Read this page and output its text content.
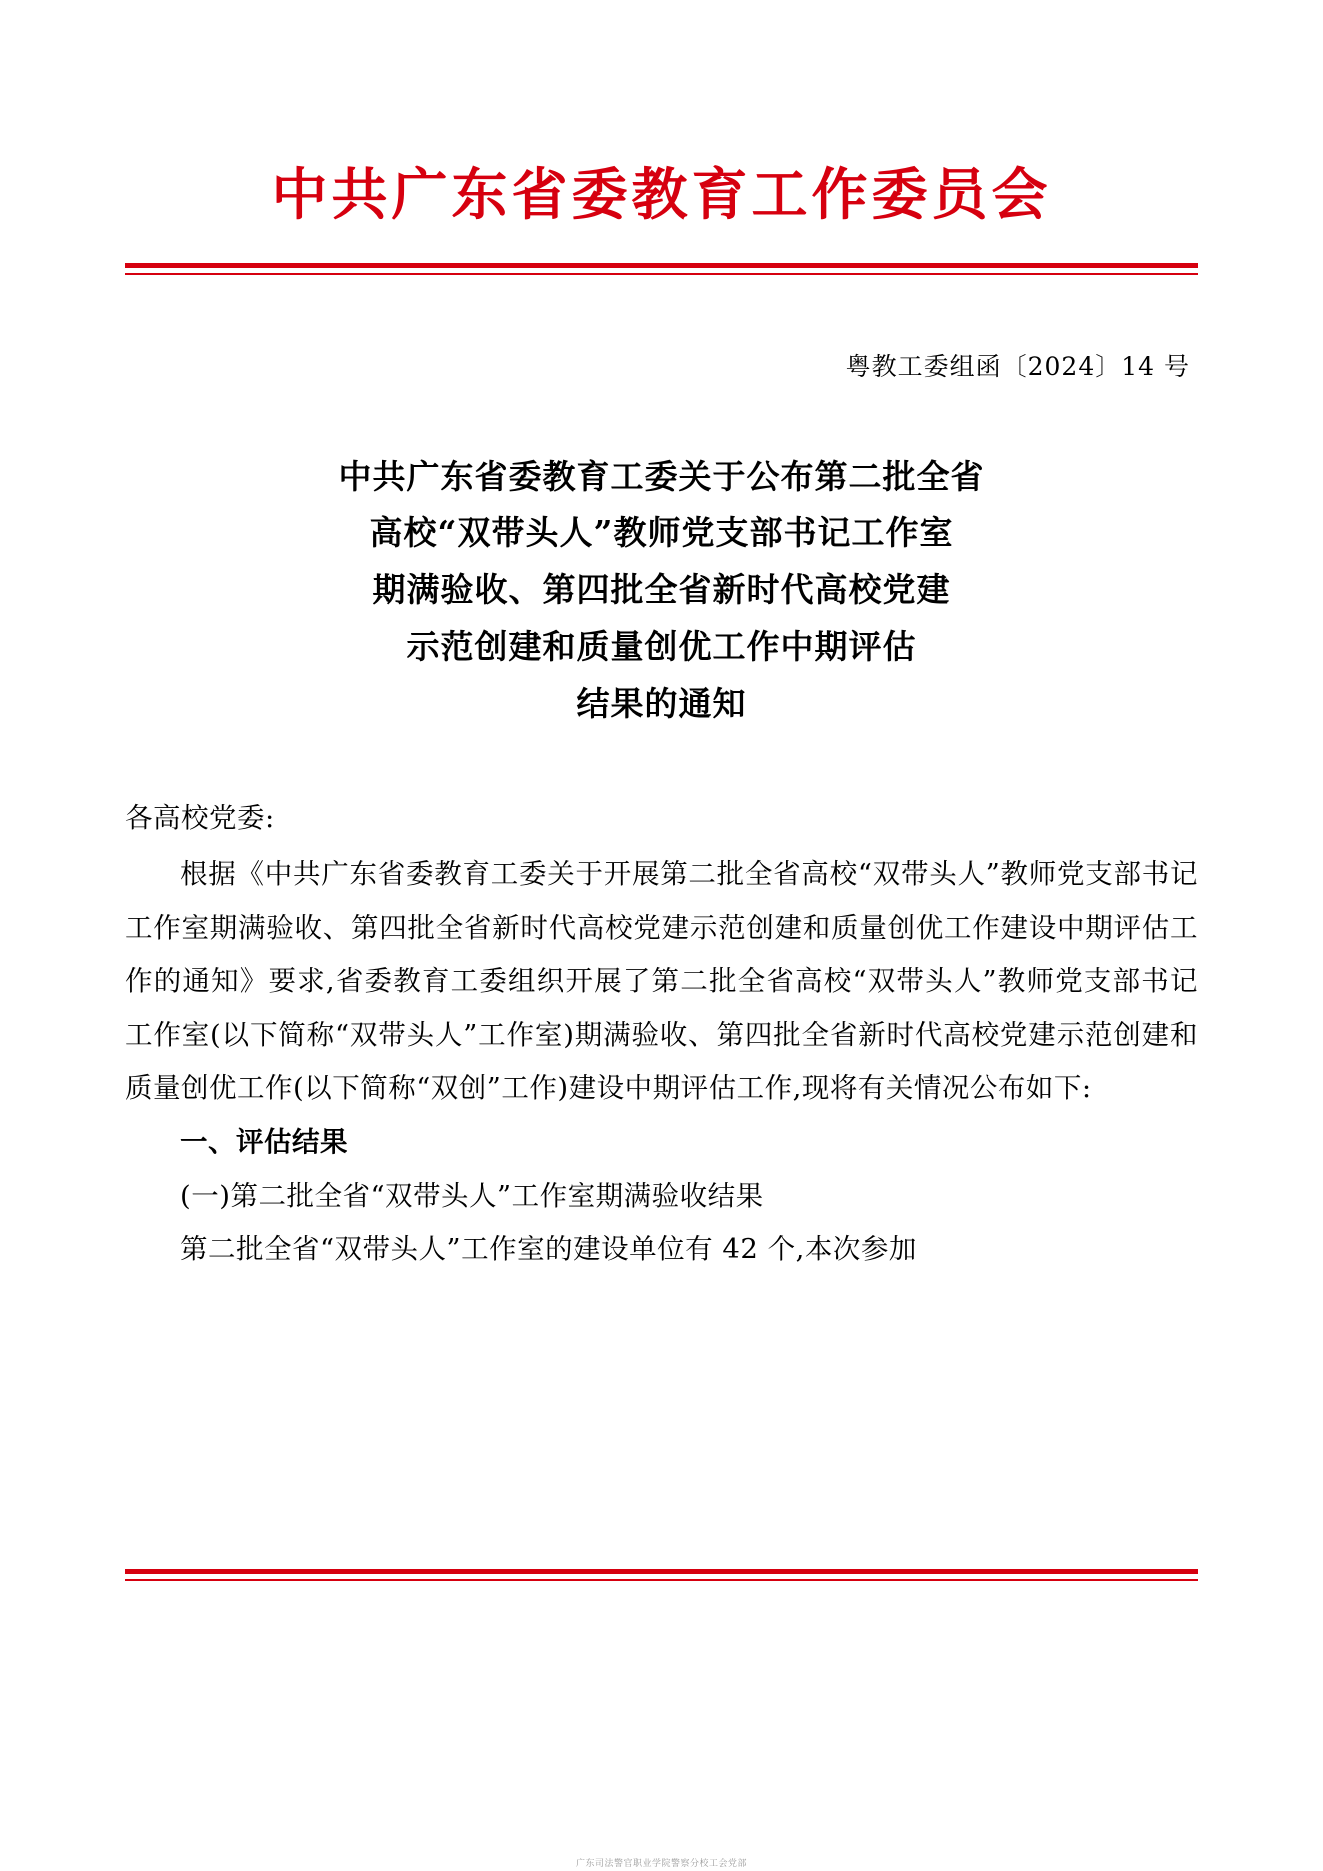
中共广东省委教育工作委员会
粤教工委组函〔2024〕14 号
中共广东省委教育工委关于公布第二批全省
高校“双带头人”教师党支部书记工作室
期满验收、第四批全省新时代高校党建
示范创建和质量创优工作中期评估
结果的通知

各高校党委:

根据《中共广东省委教育工委关于开展第二批全省高校“双带头人”教师党支部书记工作室期满验收、第四批全省新时代高校党建示范创建和质量创优工作建设中期评估工作的通知》要求,省委教育工委组织开展了第二批全省高校“双带头人”教师党支部书记工作室(以下简称“双带头人”工作室)期满验收、第四批全省新时代高校党建示范创建和质量创优工作(以下简称“双创”工作)建设中期评估工作,现将有关情况公布如下:

一、评估结果

(一)第二批全省“双带头人”工作室期满验收结果

第二批全省“双带头人”工作室的建设单位有 42 个,本次参加

广东司法警官职业学院警察分校工会党部
